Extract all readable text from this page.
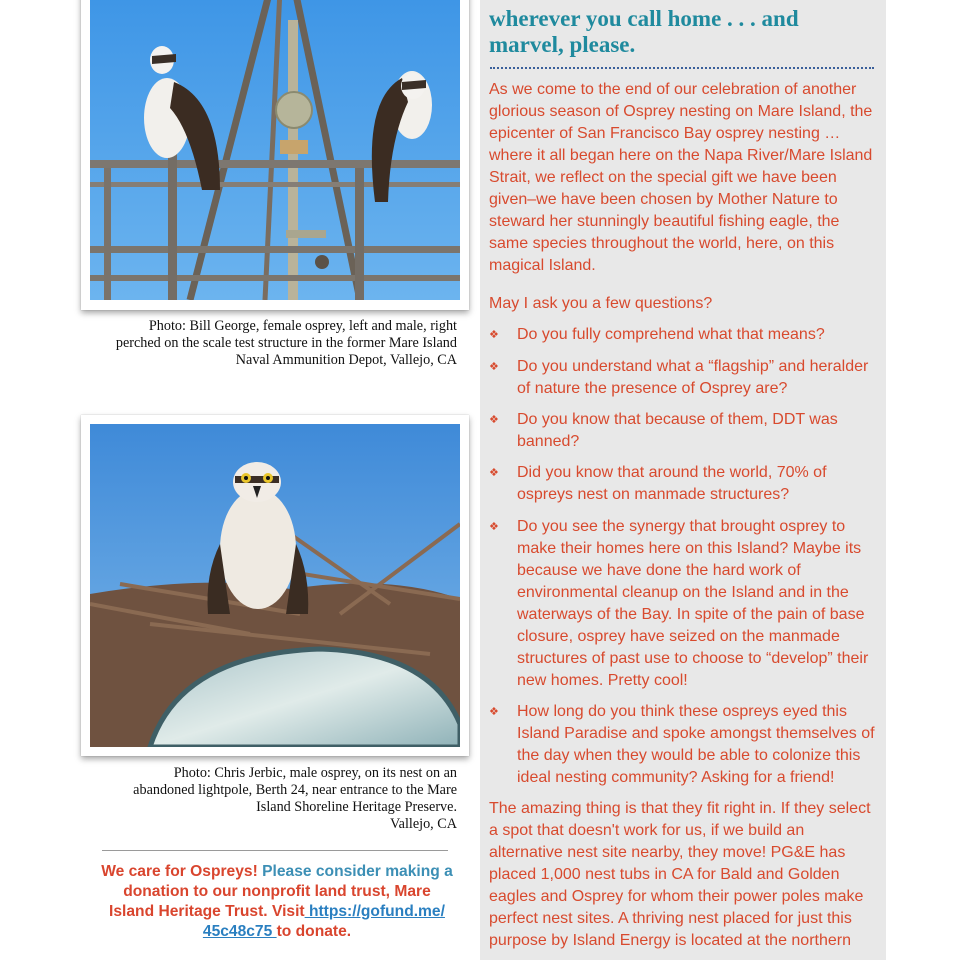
Photo: Bill George, female osprey, left and male, right
perched on the scale test structure in the former Mare Island
Naval Ammunition Depot, Vallejo, CA
Photo: Chris Jerbic, male osprey, on its nest on an
abandoned lightpole, Berth 24, near entrance to the Mare
Island Shoreline Heritage Preserve.
Vallejo, CA
We care for Ospreys! Please consider making a
donation to our nonprofit land trust, Mare
Island Heritage Trust. Visit https://gofund.me/
45c48c75 to donate.
wherever you call home . . . and
marvel, please.
As we come to the end of our celebration of another
glorious season of Osprey nesting on Mare Island, the
epicenter of San Francisco Bay osprey nesting …
where it all began here on the Napa River/Mare Island
Strait, we reflect on the special gift we have been
given–we have been chosen by Mother Nature to
steward her stunningly beautiful fishing eagle, the
same species throughout the world, here, on this
magical Island.
May I ask you a few questions?
❖ Do you fully comprehend what that means?
❖ Do you understand what a “flagship” and heralder
of nature the presence of Osprey are?
❖ Do you know that because of them, DDT was
banned?
❖ Did you know that around the world, 70% of
ospreys nest on manmade structures?
❖ Do you see the synergy that brought osprey to
make their homes here on this Island? Maybe its
because we have done the hard work of
environmental cleanup on the Island and in the
waterways of the Bay. In spite of the pain of base
closure, osprey have seized on the manmade
structures of past use to choose to “develop” their
new homes. Pretty cool!
❖ How long do you think these ospreys eyed this
Island Paradise and spoke amongst themselves of
the day when they would be able to colonize this
ideal nesting community? Asking for a friend!
The amazing thing is that they fit right in. If they select
a spot that doesn't work for us, if we build an
alternative nest site nearby, they move! PG&E has
placed 1,000 nest tubs in CA for Bald and Golden
eagles and Osprey for whom their power poles make
perfect nest sites. A thriving nest placed for just this
purpose by Island Energy is located at the northern
